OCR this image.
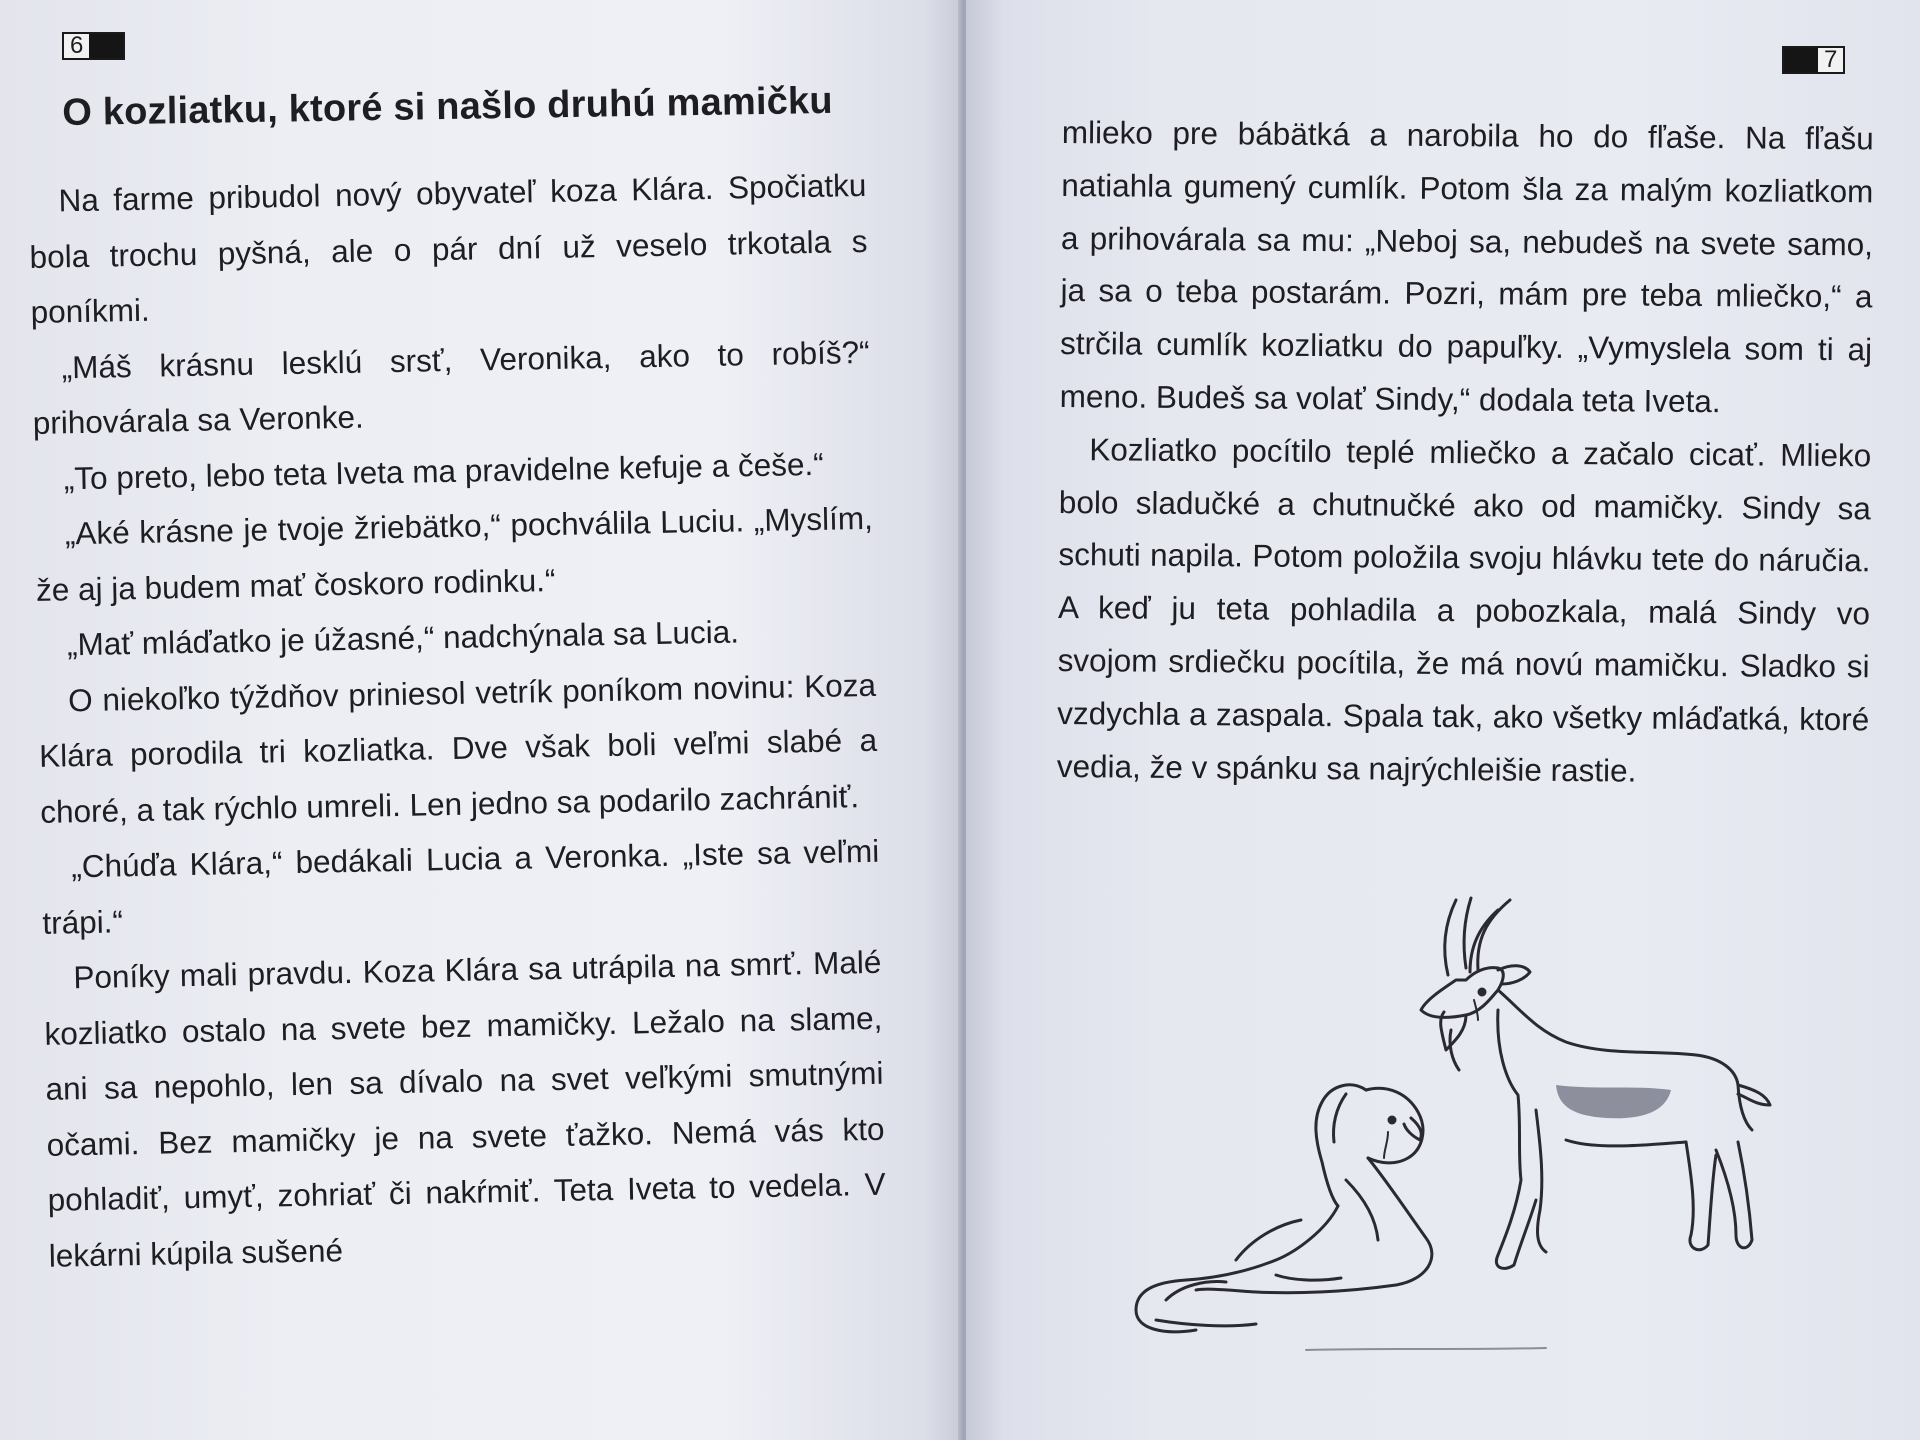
6
O kozliatku, ktoré si našlo druhú mamičku

Na farme pribudol nový obyvateľ koza Klára. Spočiatku bola trochu pyšná, ale o pár dní už veselo trkotala s poníkmi.

„Máš krásnu lesklú srsť, Veronika, ako to robíš?“ prihovárala sa Veronke.

„To preto, lebo teta Iveta ma pravidelne kefuje a češe.“

„Aké krásne je tvoje žriebätko,“ pochválila Luciu. „Myslím, že aj ja budem mať čoskoro rodinku.“

„Mať mláďatko je úžasné,“ nadchýnala sa Lucia.

O niekoľko týždňov priniesol vetrík poníkom novinu: Koza Klára porodila tri kozliatka. Dve však boli veľmi slabé a choré, a tak rýchlo umreli. Len jedno sa podarilo zachrániť.

„Chúďa Klára,“ bedákali Lucia a Veronka. „Iste sa veľmi trápi.“

Poníky mali pravdu. Koza Klára sa utrápila na smrť. Malé kozliatko ostalo na svete bez mamičky. Ležalo na slame, ani sa nepohlo, len sa dívalo na svet veľkými smutnými očami. Bez mamičky je na svete ťažko. Nemá vás kto pohladiť, umyť, zohriať či nakŕmiť. Teta Iveta to vedela. V lekárni kúpila sušené

7

mlieko pre bábätká a narobila ho do fľaše. Na fľašu natiahla gumený cumlík. Potom šla za malým kozliatkom a prihovárala sa mu: „Neboj sa, nebudeš na svete samo, ja sa o teba postarám. Pozri, mám pre teba mliečko,“ a strčila cumlík kozliatku do papuľky. „Vymyslela som ti aj meno. Budeš sa volať Sindy,“ dodala teta Iveta.

Kozliatko pocítilo teplé mliečko a začalo cicať. Mlieko bolo sladučké a chutnučké ako od mamičky. Sindy sa schuti napila. Potom položila svoju hlávku tete do náručia. A keď ju teta pohladila a pobozkala, malá Sindy vo svojom srdiečku pocítila, že má novú mamičku. Sladko si vzdychla a zaspala. Spala tak, ako všetky mláďatká, ktoré vedia, že v spánku sa najrýchleišie rastie.
